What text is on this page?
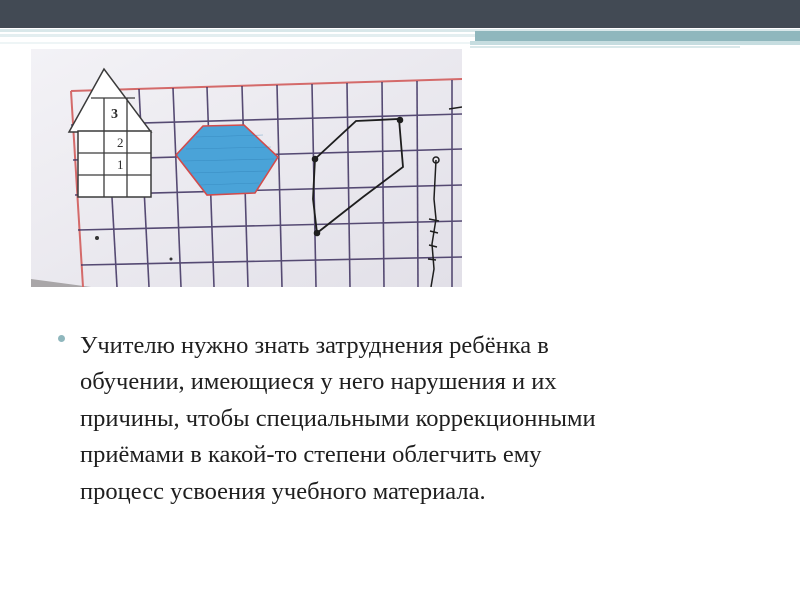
3
2
1

Учителю нужно знать затруднения ребёнка в
обучении, имеющиеся у него нарушения и их
причины, чтобы специальными коррекционными
приёмами в какой-то степени облегчить ему
процесс усвоения учебного материала.
